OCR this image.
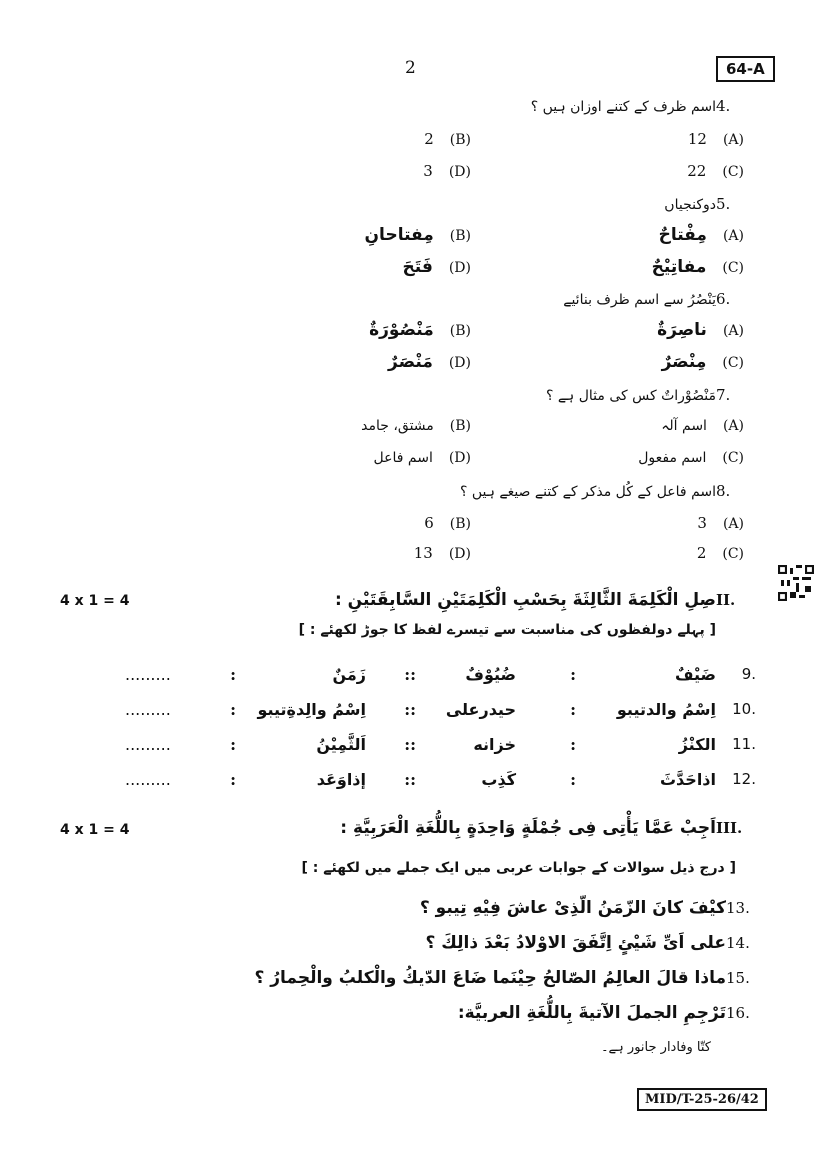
2	64-A
4.
اسم ظرف کے کتنے اوزان ہیں ؟
12 (A)
2 (B)
22 (C)
3 (D)
5.
دوکنجیاں
مِفْتاحٌ (A)
مِفتاحانِ (B)
مفاتِيْحٌ (C)
فَتَحَ (D)
6.
يَنْصُرُ سے اسم ظرف بنائیے
ناصِرَةٌ (A)
مَنْصُوْرَةٌ (B)
مِنْصَرٌ (C)
مَنْصَرٌ (D)
7.
مَنْصُوْراتٌ کس کی مثال ہے ؟
اسم آلہ (A)
مشتق، جامد (B)
اسم مفعول (C)
اسم فاعل (D)
8.
اسم فاعل کے کُل مذکر کے کتنے صیغے ہیں ؟
3 (A)
6 (B)
2 (C)
13 (D)
4 x 1 = 4	II.
صِلِ الْكَلِمَةَ الثَّالِثَةَ بِحَسْبِ الْكَلِمَتَيْنِ السَّابِقَتَيْنِ :
[ پہلے دولفظوں کی مناسبت سے تیسرے لفظ کا جوڑ لکھئے : ]
9.
ضَيْفٌ
:
ضُيُوْفٌ
::
زَمَنٌ
:
.........
10.
اِسْمُ والدتيبو
:
حيدرعلى
::
اِسْمُ والِدةِتيبو
:
.........
11.
الكنْزُ
:
خزانه
::
اَلثَّمِيْنُ
:
.........
12.
اذاحَدَّثَ
:
كَذِب
::
إذاوَعَد
:
.........
4 x 1 = 4	III.
اَجِبْ عَمَّا يَأْتِى فِى جُمْلَةٍ وَاحِدَةٍ بِاللُّغَةِ الْعَرَبِيَّةِ :
[ درج ذیل سوالات کے جوابات عربی میں ایک جملے میں لکھئے : ]
13.
كيْفَ كانَ الزّمَنُ الّذِىْ عاشَ فِيْهِ تِيبو ؟
14.
على اَىِّ شَيْئٍ اِتَّفَقَ الاوْلادُ بَعْدَ ذالِكَ ؟
15.
ماذا قالَ العالِمُ الصّالحُ حِيْنَما ضَاعَ الدّيكُ والْكلبُ والْحِمارُ ؟
16.
تَرْجِمِ الجملَ الآتيةَ بِاللُّغَةِ العربيَّة:
کتّا وفادار جانور ہے۔
MID/T-25-26/42
